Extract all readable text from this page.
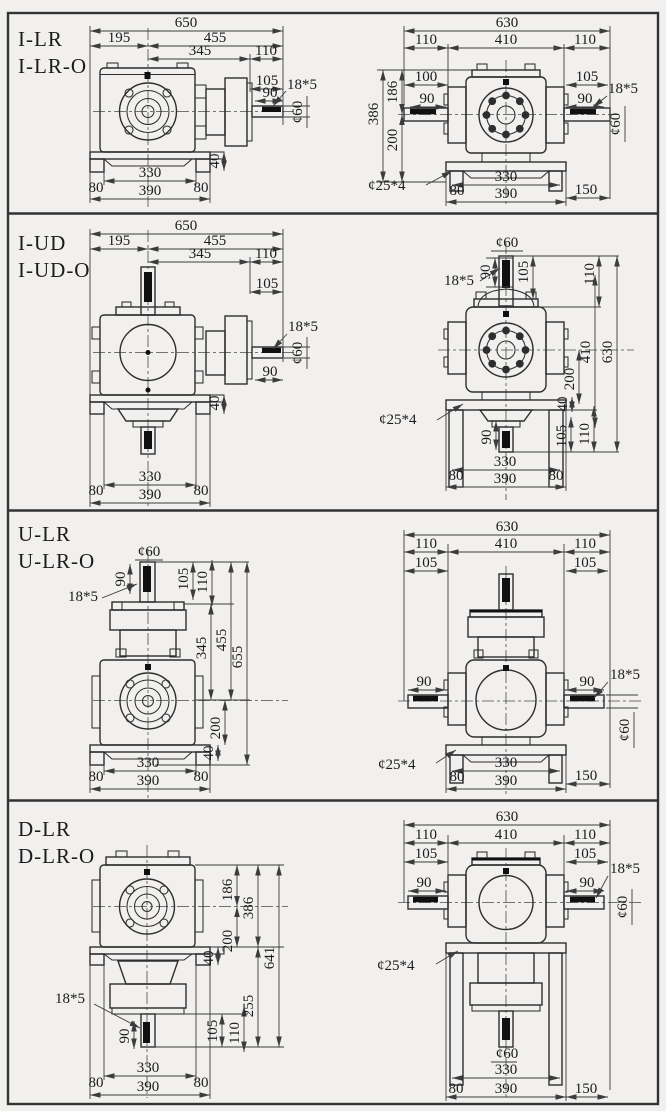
I-LR
I-LR-O
650
195	455
345	110
105
90 18*5
¢60
40
330
390
80	80
630
110	410	110
100
90
105
90
18*5
¢60
386
186
200
¢25*4
330
390
80	150
I-UD
I-UD-O
650
195	455
345	110
105
18*5
¢60
90
40
330
390
80	80
¢60
90 105	110
18*5
410 630
200
40
105 110
90
¢25*4
330
390
80	80
U-LR
U-LR-O	¢60
90	105 110
18*5
345 455
655
200
40
330
390
80	80
630
110	410	110
105	105
90	90 18*5
¢60
¢25*4	330
390
80	150
D-LR
D-LR-O
186
200
386
641
255
40
18*5
90	105 110
330
390
80	80
630
110	410	110
105	105
18*5
90	90
¢60
¢25*4
¢60
330
390
80	150
